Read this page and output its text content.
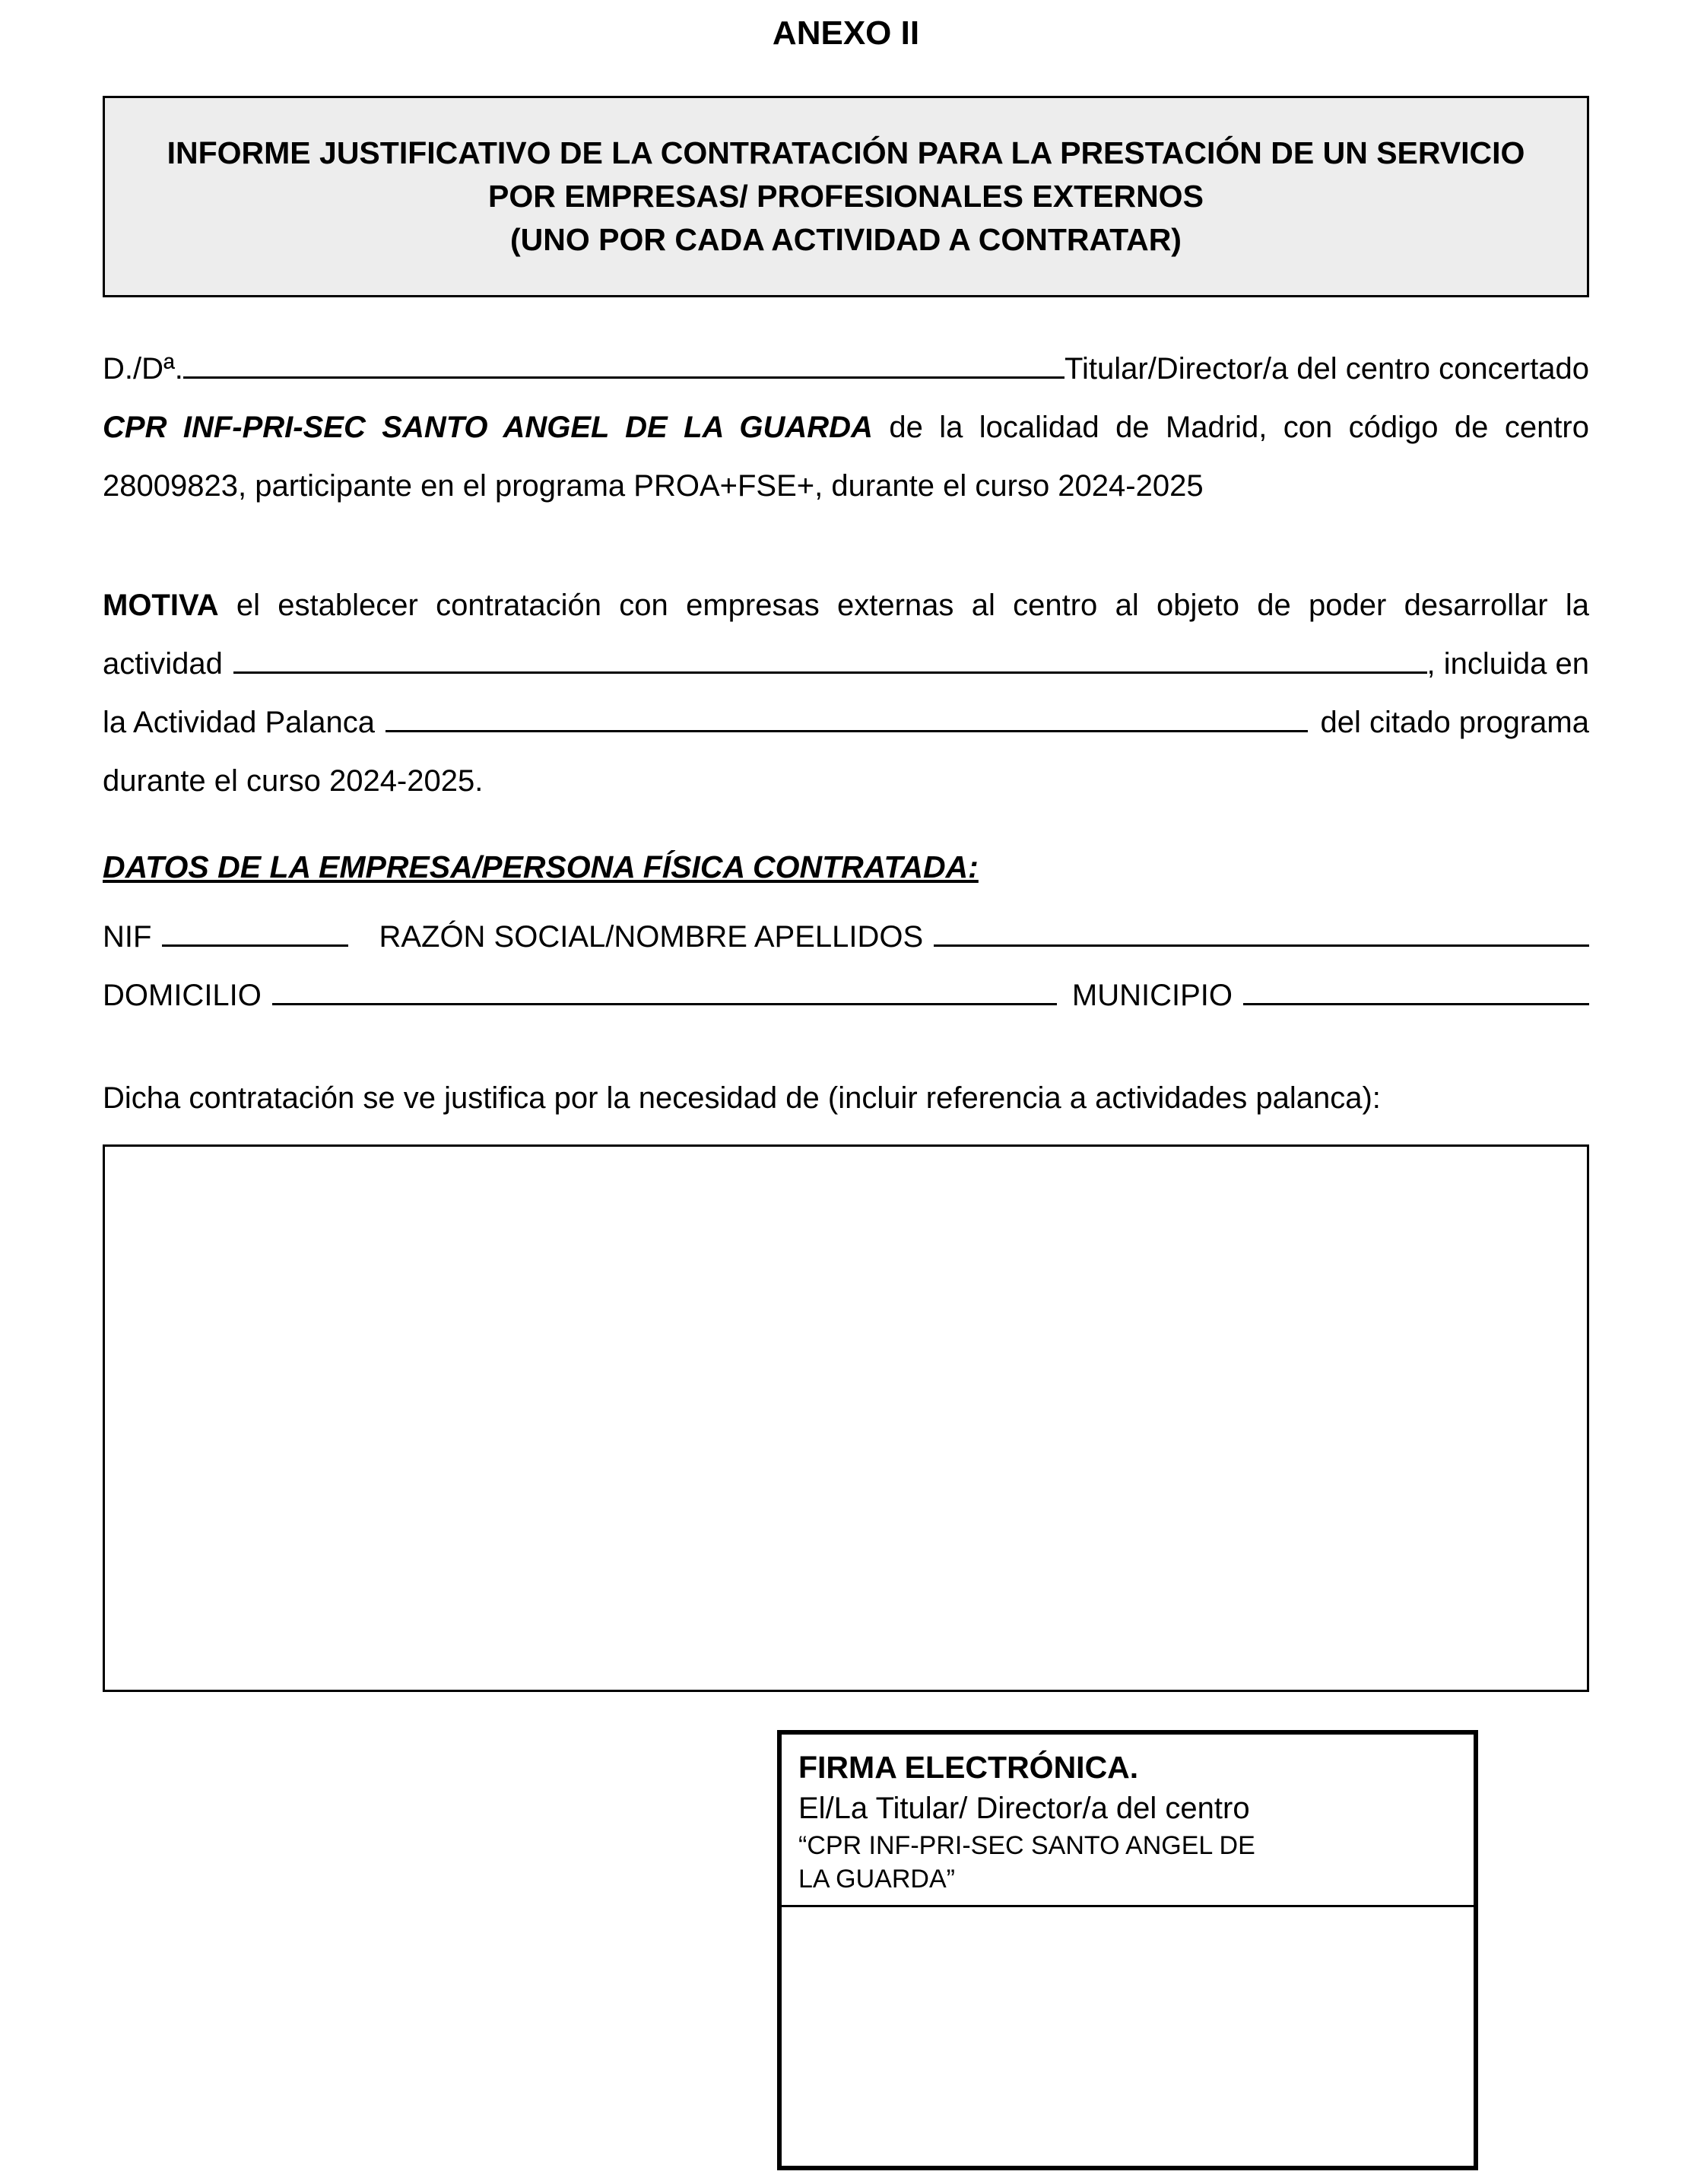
ANEXO II
INFORME JUSTIFICATIVO DE LA CONTRATACIÓN PARA LA PRESTACIÓN DE UN SERVICIO POR EMPRESAS/ PROFESIONALES EXTERNOS
(UNO POR CADA ACTIVIDAD A CONTRATAR)
D./Dª.	Titular/Director/a del centro concertado
CPR INF-PRI-SEC SANTO ANGEL DE LA GUARDA de la localidad de Madrid, con código de centro
28009823, participante en el programa PROA+FSE+, durante el curso 2024-2025
MOTIVA el establecer contratación con empresas externas al centro al objeto de poder desarrollar la
actividad	, incluida en
la Actividad Palanca	del citado programa
durante el curso 2024-2025.
DATOS DE LA EMPRESA/PERSONA FÍSICA CONTRATADA:
NIF	RAZÓN SOCIAL/NOMBRE APELLIDOS
DOMICILIO	MUNICIPIO
Dicha contratación se ve justifica por la necesidad de (incluir referencia a actividades palanca):
FIRMA ELECTRÓNICA.
El/La Titular/ Director/a del centro
“CPR INF-PRI-SEC SANTO ANGEL DE LA GUARDA”
